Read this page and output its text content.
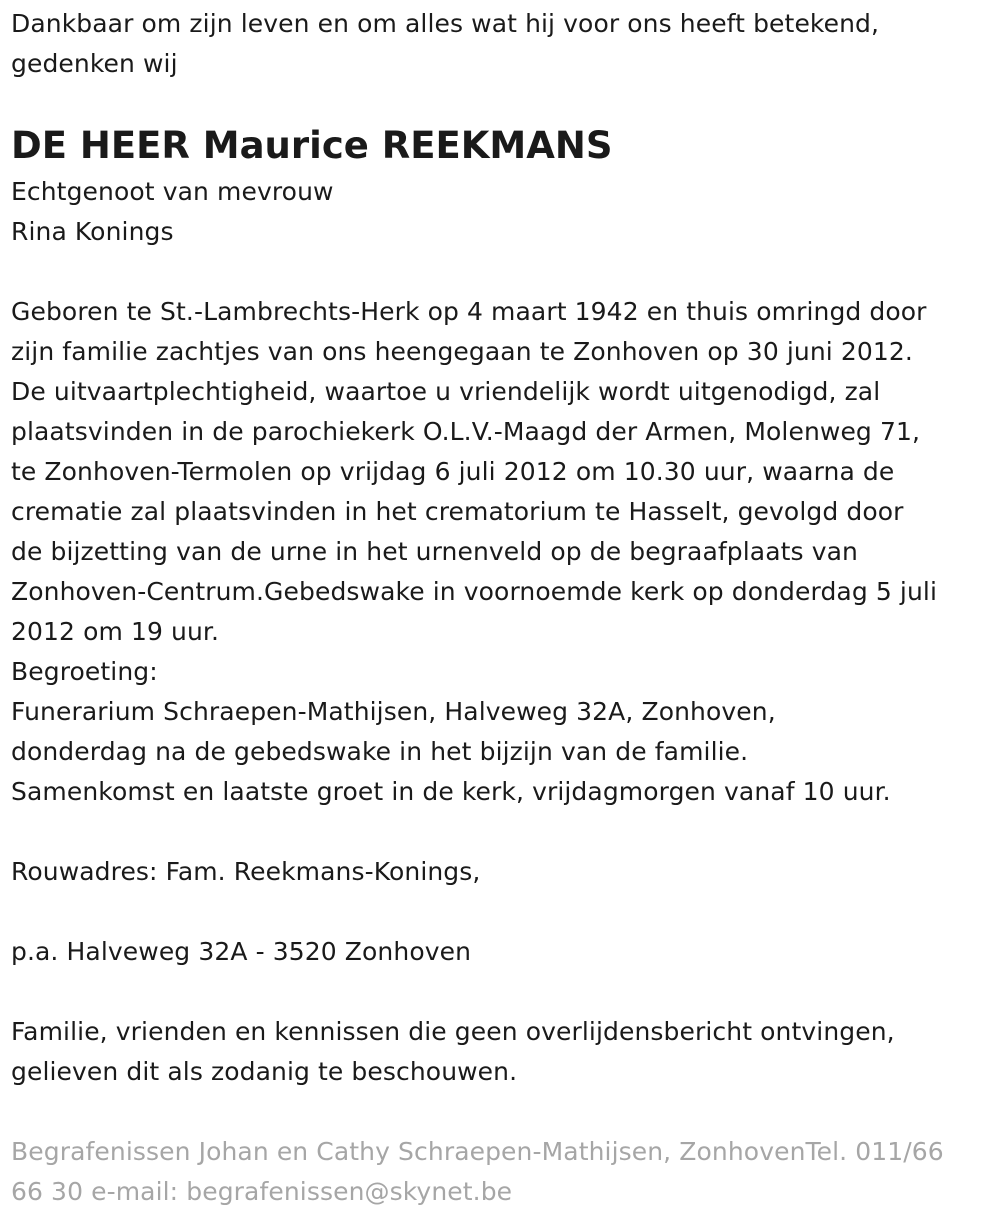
Dankbaar om zijn leven en om alles wat hij voor ons heeft betekend,
gedenken wij
DE HEER Maurice REEKMANS
Echtgenoot van mevrouw
Rina Konings
Geboren te St.-Lambrechts-Herk op 4 maart 1942 en thuis omringd door
zijn familie zachtjes van ons heengegaan te Zonhoven op 30 juni 2012.
De uitvaartplechtigheid, waartoe u vriendelijk wordt uitgenodigd, zal
plaatsvinden in de parochiekerk O.L.V.-Maagd der Armen, Molenweg 71,
te Zonhoven-Termolen op vrijdag 6 juli 2012 om 10.30 uur, waarna de
crematie zal plaatsvinden in het crematorium te Hasselt, gevolgd door
de bijzetting van de urne in het urnenveld op de begraafplaats van
Zonhoven-Centrum.Gebedswake in voornoemde kerk op donderdag 5 juli
2012 om 19 uur.
Begroeting:
Funerarium Schraepen-Mathijsen, Halveweg 32A, Zonhoven,
donderdag na de gebedswake in het bijzijn van de familie.
Samenkomst en laatste groet in de kerk, vrijdagmorgen vanaf 10 uur.
Rouwadres: Fam. Reekmans-Konings,
p.a. Halveweg 32A - 3520 Zonhoven
Familie, vrienden en kennissen die geen overlijdensbericht ontvingen,
gelieven dit als zodanig te beschouwen.
Begrafenissen Johan en Cathy Schraepen-Mathijsen, ZonhovenTel. 011/66
66 30 e-mail: begrafenissen@skynet.be
